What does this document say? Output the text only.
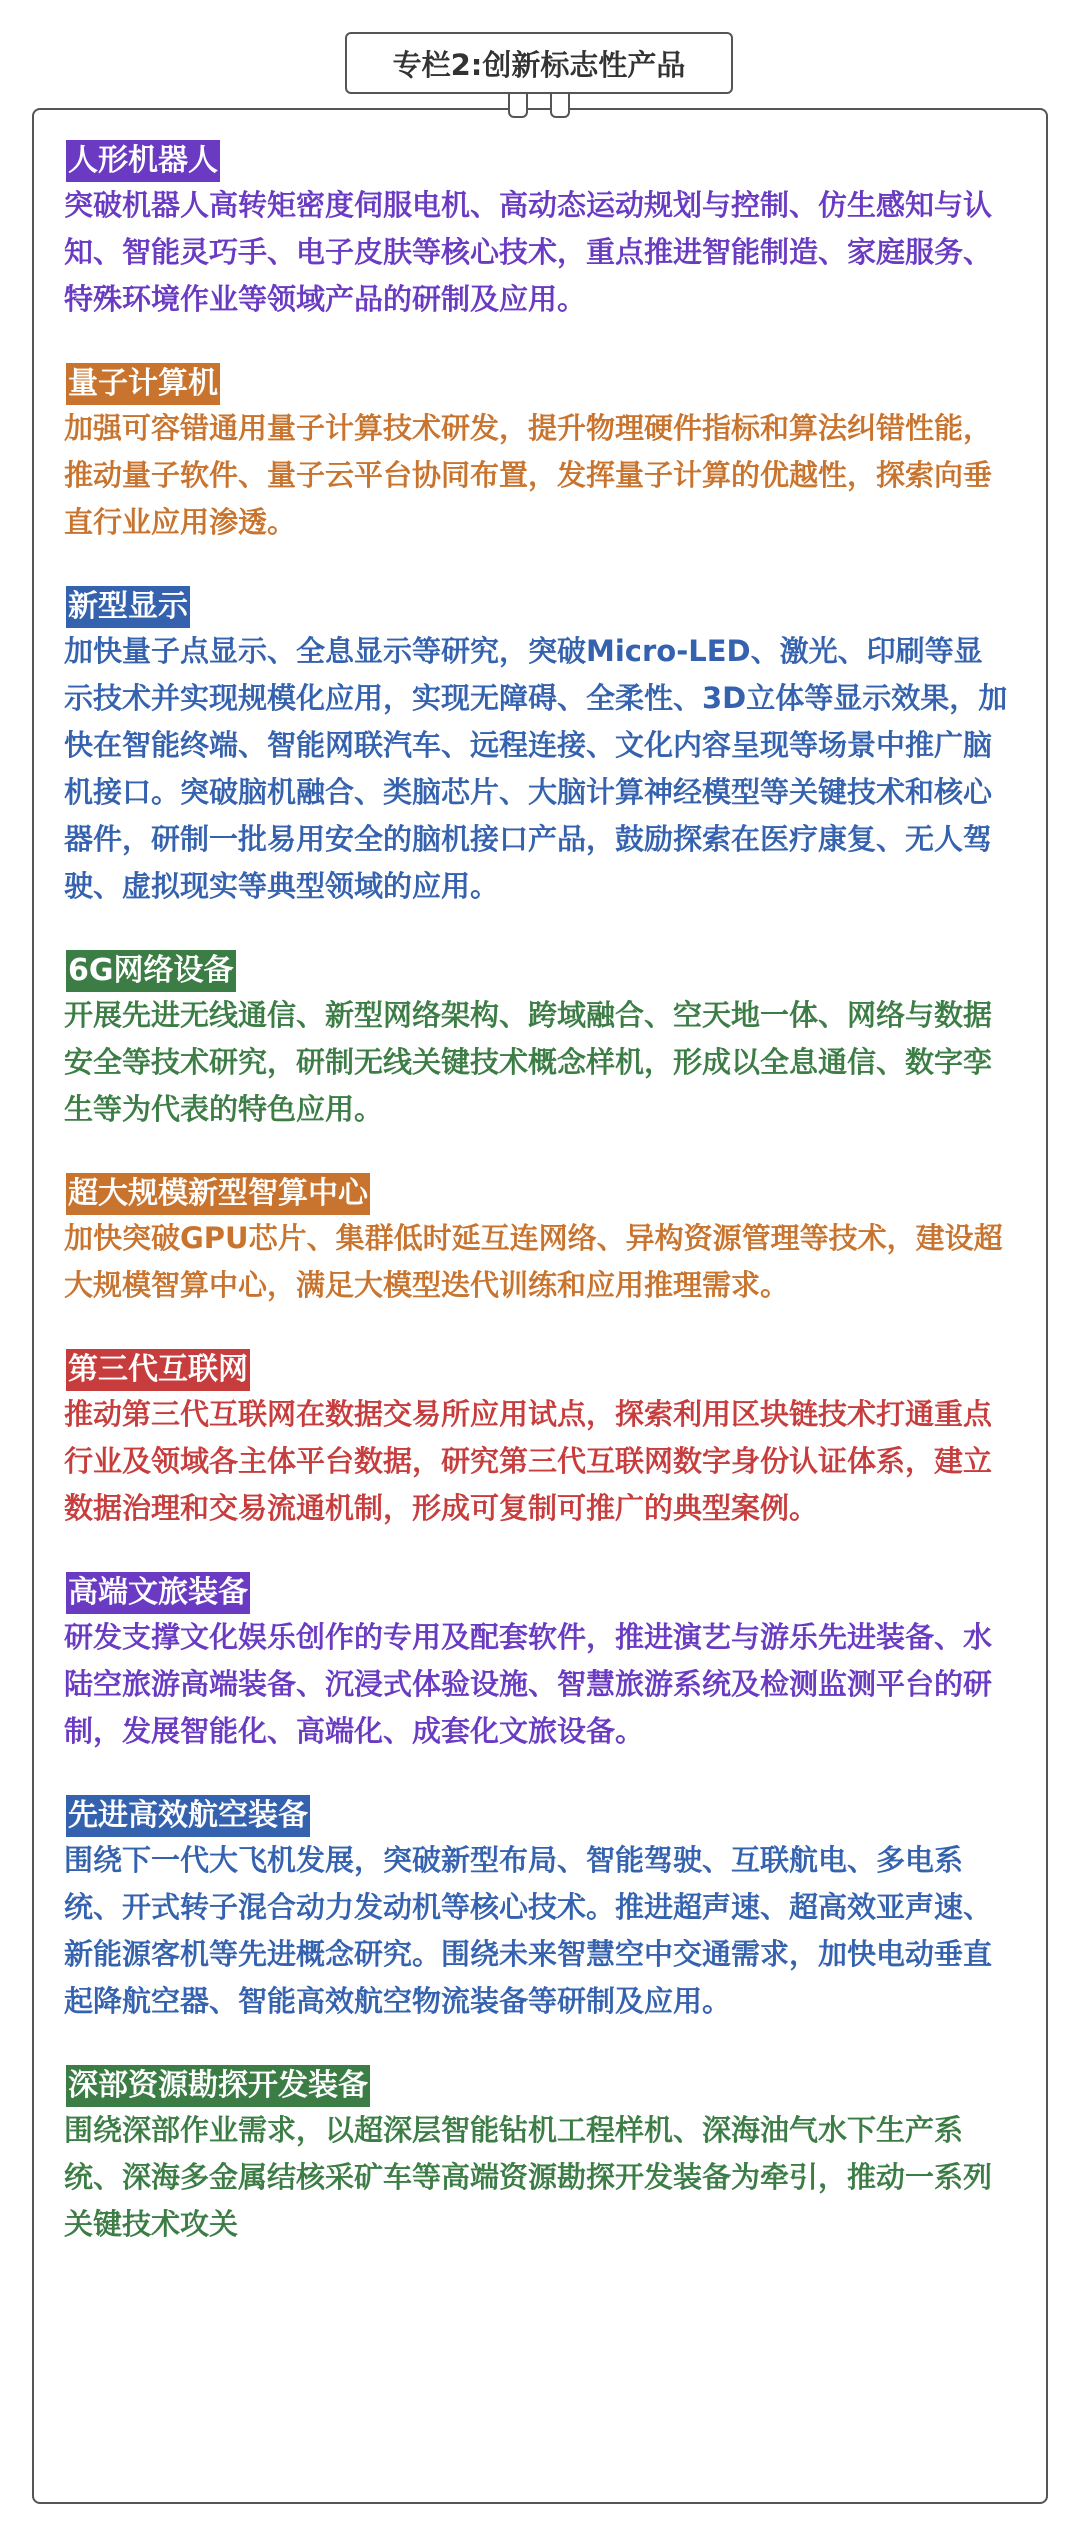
专栏2:创新标志性产品
人形机器人

突破机器人高转矩密度伺服电机、高动态运动规划与控制、仿生感知与认知、智能灵巧手、电子皮肤等核心技术，重点推进智能制造、家庭服务、特殊环境作业等领域产品的研制及应用。

量子计算机

加强可容错通用量子计算技术研发，提升物理硬件指标和算法纠错性能，推动量子软件、量子云平台协同布置，发挥量子计算的优越性，探索向垂直行业应用渗透。

新型显示

加快量子点显示、全息显示等研究，突破Micro-LED、激光、印刷等显示技术并实现规模化应用，实现无障碍、全柔性、3D立体等显示效果，加快在智能终端、智能网联汽车、远程连接、文化内容呈现等场景中推广脑机接口。突破脑机融合、类脑芯片、大脑计算神经模型等关键技术和核心器件，研制一批易用安全的脑机接口产品，鼓励探索在医疗康复、无人驾驶、虚拟现实等典型领域的应用。

6G网络设备

开展先进无线通信、新型网络架构、跨域融合、空天地一体、网络与数据安全等技术研究，研制无线关键技术概念样机，形成以全息通信、数字孪生等为代表的特色应用。

超大规模新型智算中心

加快突破GPU芯片、集群低时延互连网络、异构资源管理等技术，建设超大规模智算中心，满足大模型迭代训练和应用推理需求。

第三代互联网

推动第三代互联网在数据交易所应用试点，探索利用区块链技术打通重点行业及领域各主体平台数据，研究第三代互联网数字身份认证体系，建立数据治理和交易流通机制，形成可复制可推广的典型案例。

高端文旅装备

研发支撑文化娱乐创作的专用及配套软件，推进演艺与游乐先进装备、水陆空旅游高端装备、沉浸式体验设施、智慧旅游系统及检测监测平台的研制，发展智能化、高端化、成套化文旅设备。

先进高效航空装备

围绕下一代大飞机发展，突破新型布局、智能驾驶、互联航电、多电系统、开式转子混合动力发动机等核心技术。推进超声速、超高效亚声速、新能源客机等先进概念研究。围绕未来智慧空中交通需求，加快电动垂直起降航空器、智能高效航空物流装备等研制及应用。

深部资源勘探开发装备

围绕深部作业需求，以超深层智能钻机工程样机、深海油气水下生产系统、深海多金属结核采矿车等高端资源勘探开发装备为牵引，推动一系列关键技术攻关
